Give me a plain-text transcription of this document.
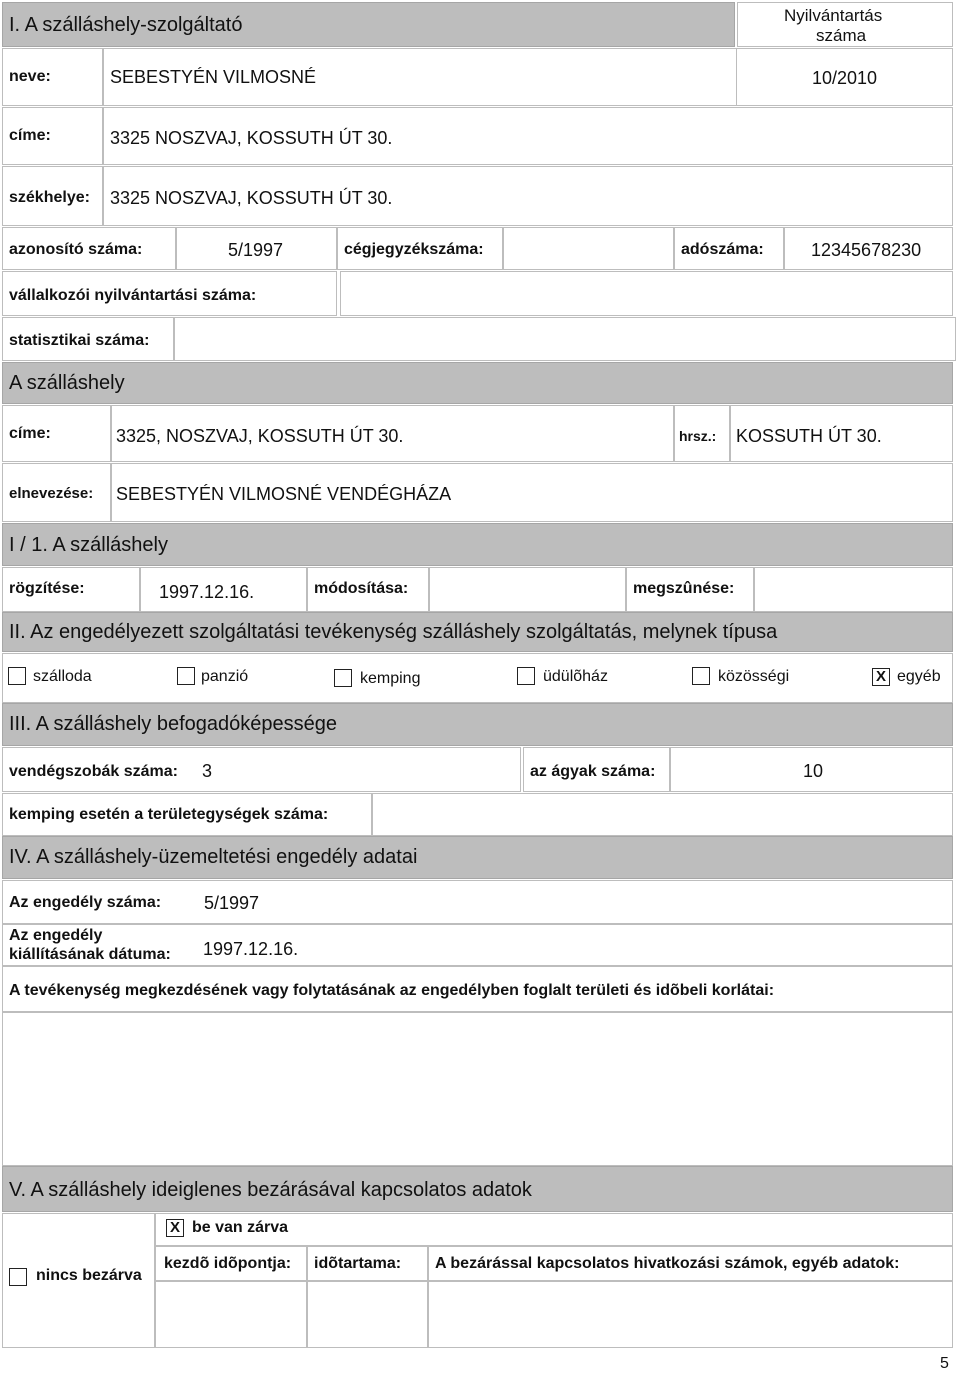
I. A szálláshely-szolgáltató	Nyilvántartás
száma
neve:	SEBESTYÉN VILMOSNÉ	10/2010
címe:	3325 NOSZVAJ, KOSSUTH ÚT 30.
székhelye: 3325 NOSZVAJ, KOSSUTH ÚT 30.
azonosító száma:	5/1997	cégjegyzékszáma:	adószáma:	12345678230
vállalkozói nyilvántartási száma:
statisztikai száma:
A szálláshely
címe:	3325, NOSZVAJ, KOSSUTH ÚT 30.	hrsz.: KOSSUTH ÚT 30.
elnevezése: SEBESTYÉN VILMOSNÉ VENDÉGHÁZA
I / 1. A szálláshely
rögzítése:	1997.12.16.	módosítása:	megszûnése:
II. Az engedélyezett szolgáltatási tevékenység szálláshely szolgáltatás, melynek típusa
szálloda	panzió	kemping	üdülõház	közösségi	X egyéb
III. A szálláshely befogadóképessége
vendégszobák száma: 3	az ágyak száma:	10
kemping esetén a területegységek száma:
IV. A szálláshely-üzemeltetési engedély adatai
Az engedély száma: 5/1997
Az engedély
kiállításának dátuma: 1997.12.16.
A tevékenység megkezdésének vagy folytatásának az engedélyben foglalt területi és idõbeli korlátai:
V. A szálláshely ideiglenes bezárásával kapcsolatos adatok
nincs bezárva
X be van zárva
kezdõ idõpontja: idõtartama: A bezárással kapcsolatos hivatkozási számok, egyéb adatok:
5
